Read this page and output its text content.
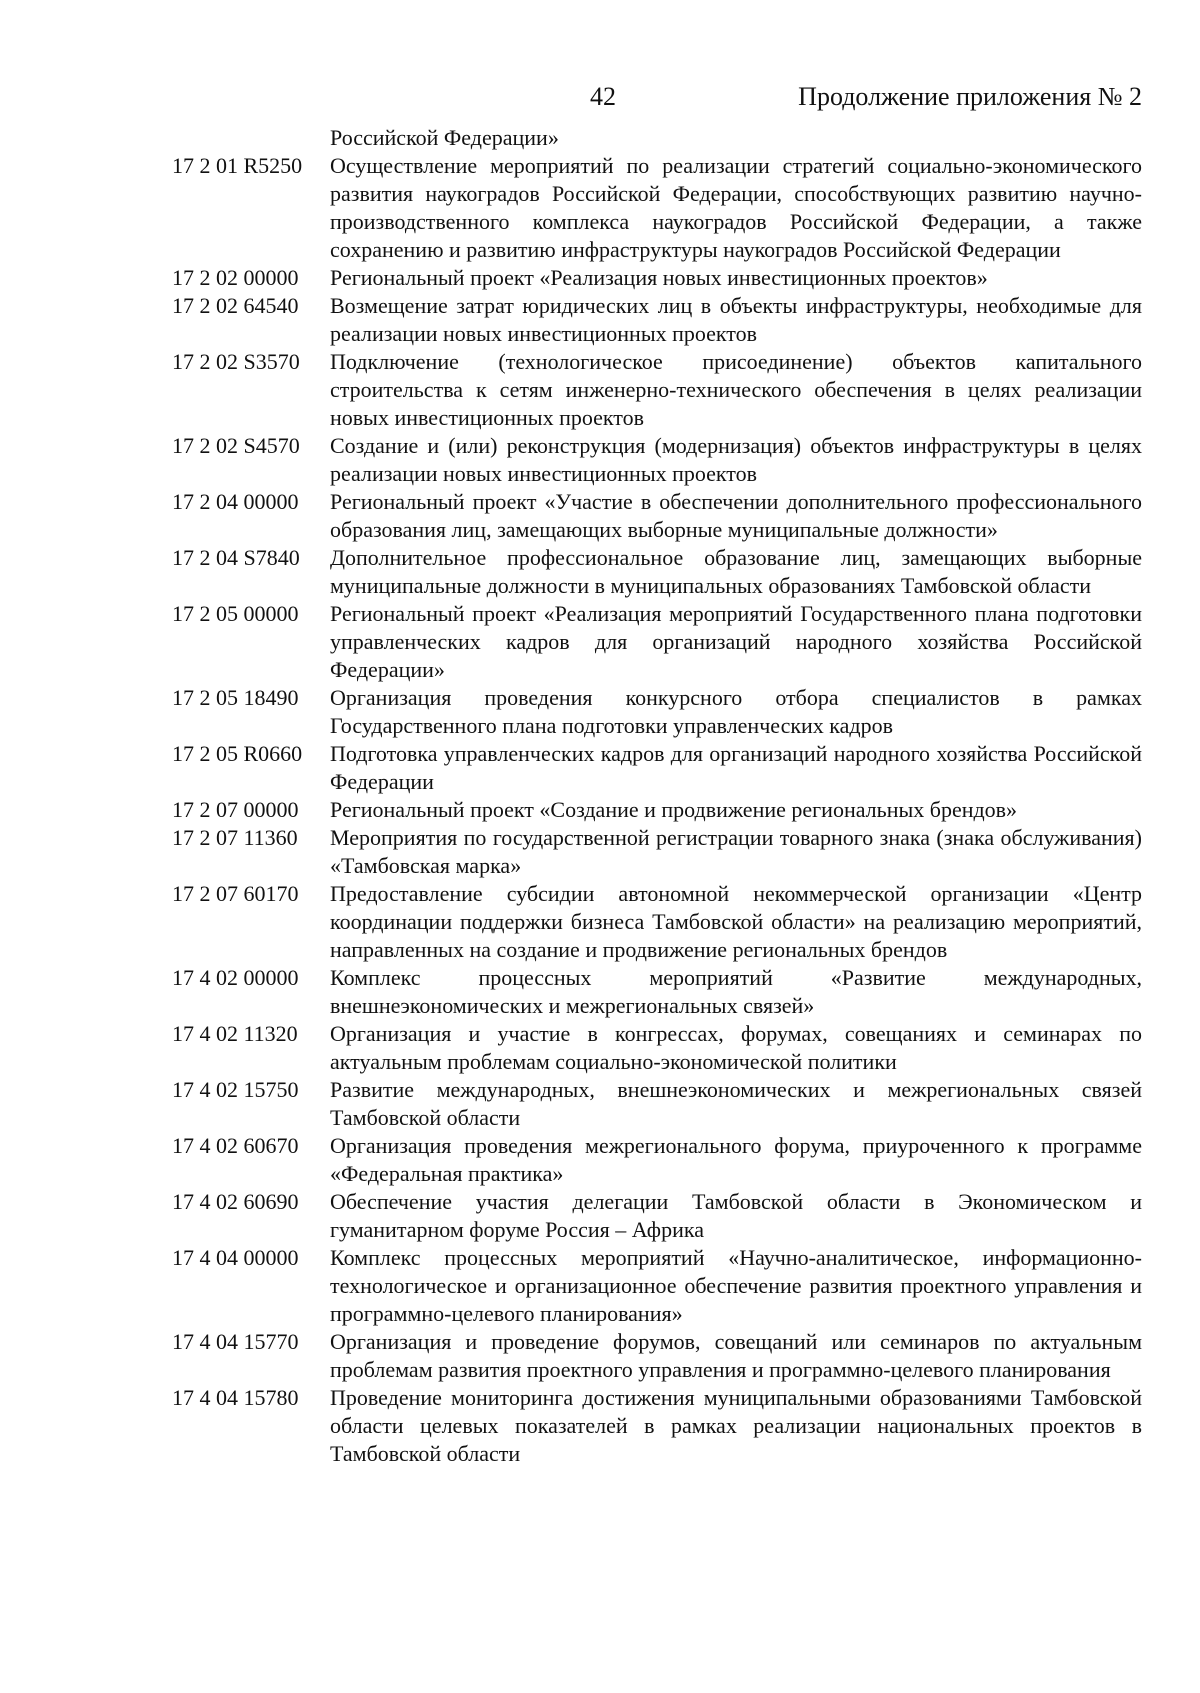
42	Продолжение приложения № 2
Российской Федерации»
17 2 01 R5250	Осуществление мероприятий по реализации стратегий социально-экономического развития наукоградов Российской Федерации, способствующих развитию научно-производственного комплекса наукоградов Российской Федерации, а также сохранению и развитию инфраструктуры наукоградов Российской Федерации
17 2 02 00000	Региональный проект «Реализация новых инвестиционных проектов»
17 2 02 64540	Возмещение затрат юридических лиц в объекты инфраструктуры, необходимые для реализации новых инвестиционных проектов
17 2 02 S3570	Подключение (технологическое присоединение) объектов капитального строительства к сетям инженерно-технического обеспечения в целях реализации новых инвестиционных проектов
17 2 02 S4570	Создание и (или) реконструкция (модернизация) объектов инфраструктуры в целях реализации новых инвестиционных проектов
17 2 04 00000	Региональный проект «Участие в обеспечении дополнительного профессионального образования лиц, замещающих выборные муниципальные должности»
17 2 04 S7840	Дополнительное профессиональное образование лиц, замещающих выборные муниципальные должности в муниципальных образованиях Тамбовской области
17 2 05 00000	Региональный проект «Реализация мероприятий Государственного плана подготовки управленческих кадров для организаций народного хозяйства Российской Федерации»
17 2 05 18490	Организация проведения конкурсного отбора специалистов в рамках Государственного плана подготовки управленческих кадров
17 2 05 R0660	Подготовка управленческих кадров для организаций народного хозяйства Российской Федерации
17 2 07 00000	Региональный проект «Создание и продвижение региональных брендов»
17 2 07 11360	Мероприятия по государственной регистрации товарного знака (знака обслуживания) «Тамбовская марка»
17 2 07 60170	Предоставление субсидии автономной некоммерческой организации «Центр координации поддержки бизнеса Тамбовской области» на реализацию мероприятий, направленных на создание и продвижение региональных брендов
17 4 02 00000	Комплекс процессных мероприятий «Развитие международных, внешнеэкономических и межрегиональных связей»
17 4 02 11320	Организация и участие в конгрессах, форумах, совещаниях и семинарах по актуальным проблемам социально-экономической политики
17 4 02 15750	Развитие международных, внешнеэкономических и межрегиональных связей Тамбовской области
17 4 02 60670	Организация проведения межрегионального форума, приуроченного к программе «Федеральная практика»
17 4 02 60690	Обеспечение участия делегации Тамбовской области в Экономическом и гуманитарном форуме Россия – Африка
17 4 04 00000	Комплекс процессных мероприятий «Научно-аналитическое, информационно-технологическое и организационное обеспечение развития проектного управления и программно-целевого планирования»
17 4 04 15770	Организация и проведение форумов, совещаний или семинаров по актуальным проблемам развития проектного управления и программно-целевого планирования
17 4 04 15780	Проведение мониторинга достижения муниципальными образованиями Тамбовской области целевых показателей в рамках реализации национальных проектов в Тамбовской области
